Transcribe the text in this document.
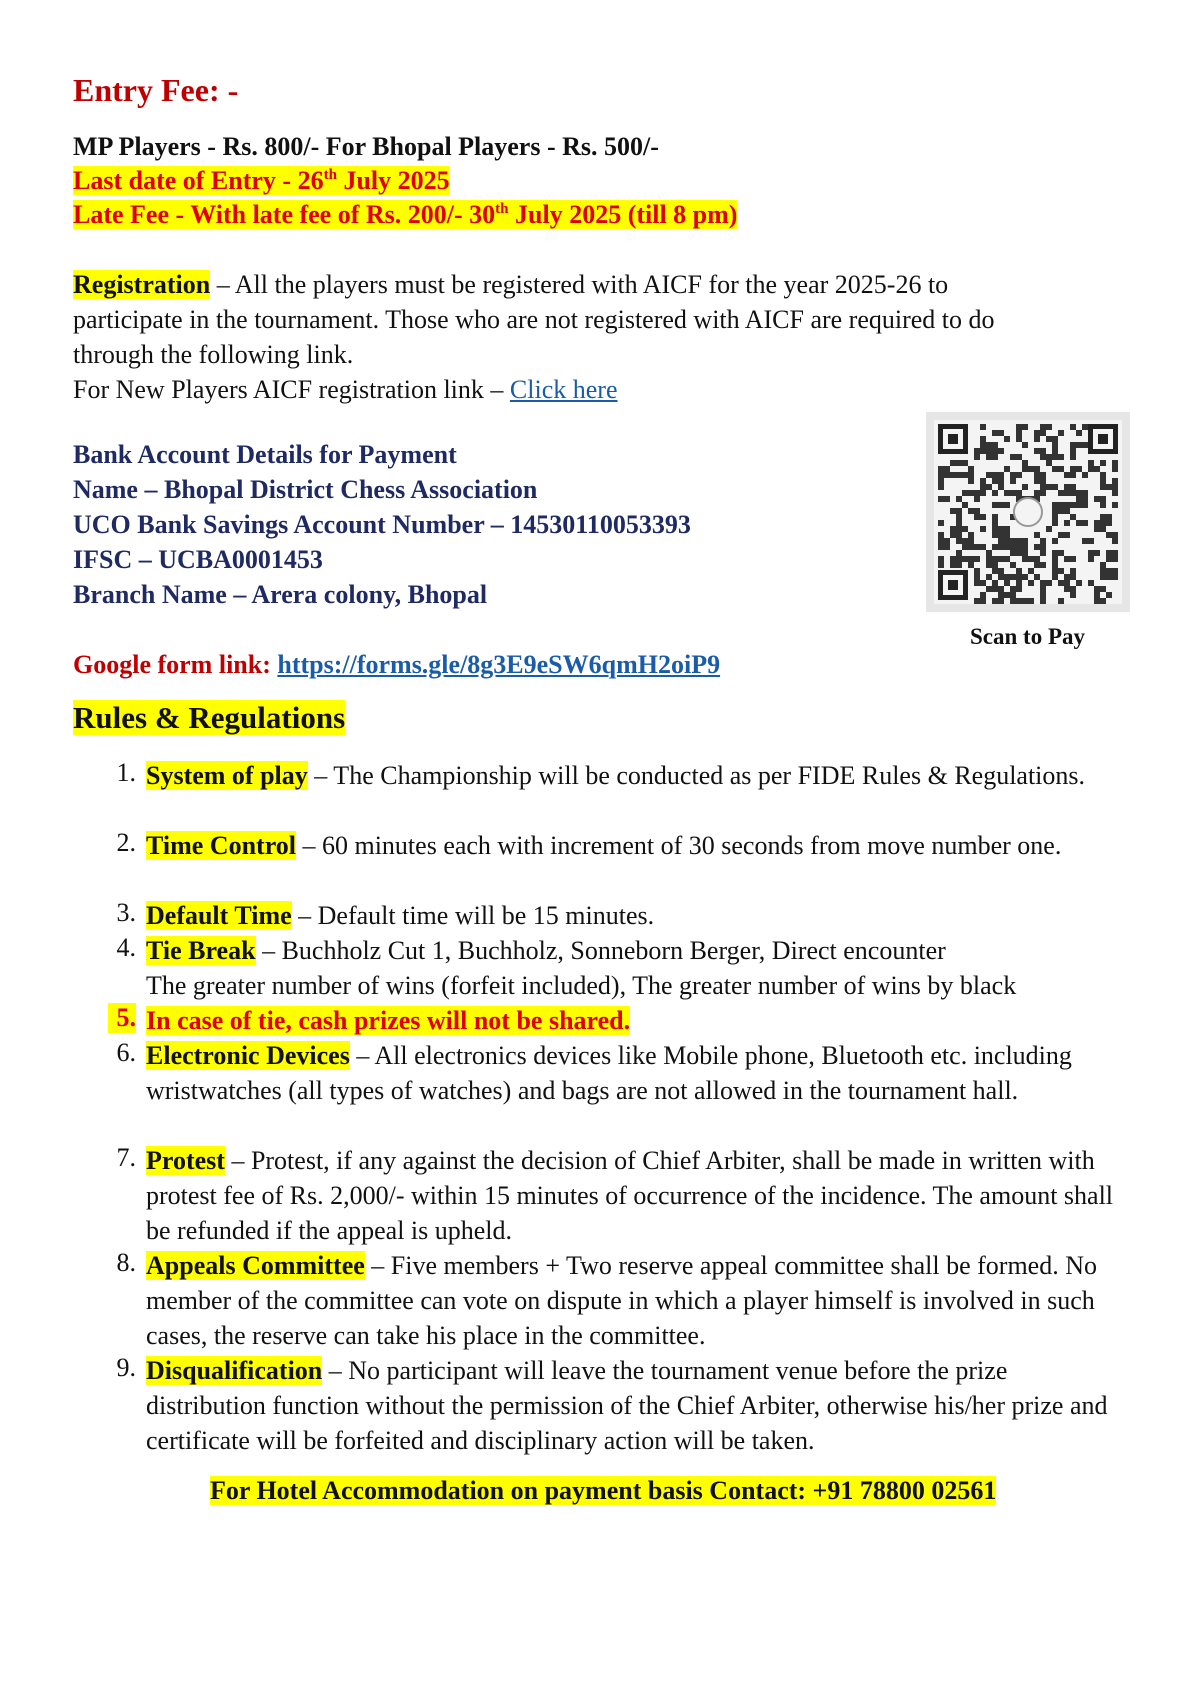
Entry Fee: -
MP Players - Rs. 800/- For Bhopal Players - Rs. 500/-
Last date of Entry - 26th July 2025
Late Fee - With late fee of Rs. 200/- 30th July 2025 (till 8 pm)
Registration – All the players must be registered with AICF for the year 2025-26 to
participate in the tournament. Those who are not registered with AICF are required to do
through the following link.
For New Players AICF registration link – Click here
Bank Account Details for Payment
Name – Bhopal District Chess Association
UCO Bank Savings Account Number – 14530110053393
IFSC – UCBA0001453
Branch Name – Arera colony, Bhopal
Scan to Pay
Google form link: https://forms.gle/8g3E9eSW6qmH2oiP9
Rules & Regulations
1. System of play – The Championship will be conducted as per FIDE Rules & Regulations.
2. Time Control – 60 minutes each with increment of 30 seconds from move number one.
3. Default Time – Default time will be 15 minutes.
4. Tie Break – Buchholz Cut 1, Buchholz, Sonneborn Berger, Direct encounter
The greater number of wins (forfeit included), The greater number of wins by black
5. In case of tie, cash prizes will not be shared.
6. Electronic Devices – All electronics devices like Mobile phone, Bluetooth etc. including wristwatches (all types of watches) and bags are not allowed in the tournament hall.
7. Protest – Protest, if any against the decision of Chief Arbiter, shall be made in written with protest fee of Rs. 2,000/- within 15 minutes of occurrence of the incidence. The amount shall be refunded if the appeal is upheld.
8. Appeals Committee – Five members + Two reserve appeal committee shall be formed. No member of the committee can vote on dispute in which a player himself is involved in such cases, the reserve can take his place in the committee.
9. Disqualification – No participant will leave the tournament venue before the prize distribution function without the permission of the Chief Arbiter, otherwise his/her prize and certificate will be forfeited and disciplinary action will be taken.
For Hotel Accommodation on payment basis Contact: +91 78800 02561
